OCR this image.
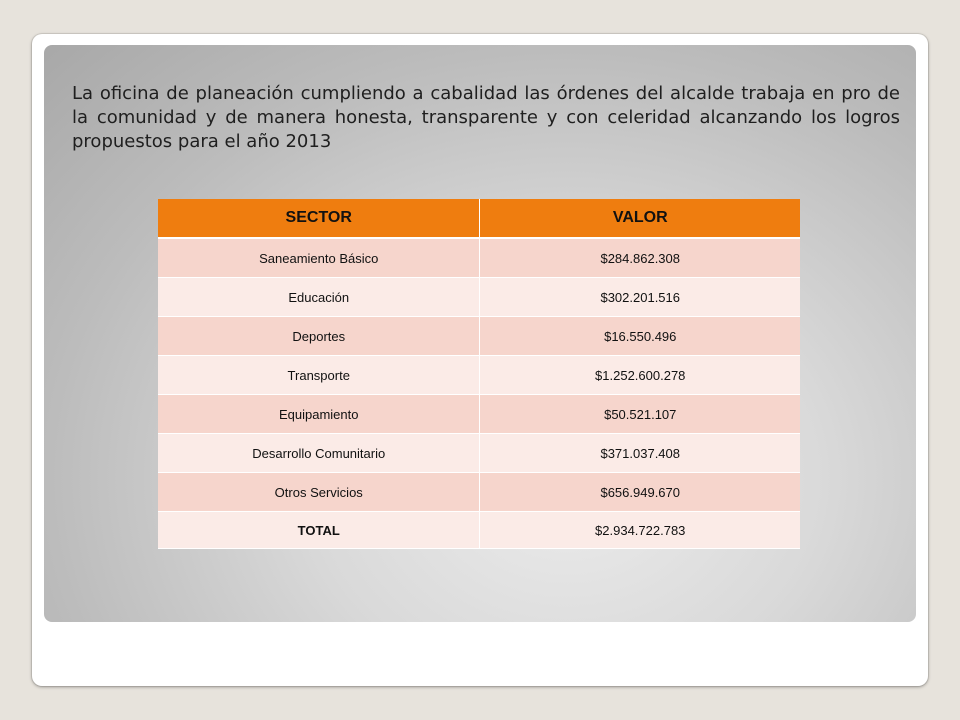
La oficina de planeación cumpliendo a cabalidad las órdenes del alcalde trabaja en pro de la comunidad y de manera honesta, transparente y con celeridad alcanzando los logros propuestos para el año 2013

SECTOR	VALOR
Saneamiento Básico	$284.862.308
Educación	$302.201.516
Deportes	$16.550.496
Transporte	$1.252.600.278
Equipamiento	$50.521.107
Desarrollo Comunitario	$371.037.408
Otros Servicios	$656.949.670
TOTAL	$2.934.722.783
